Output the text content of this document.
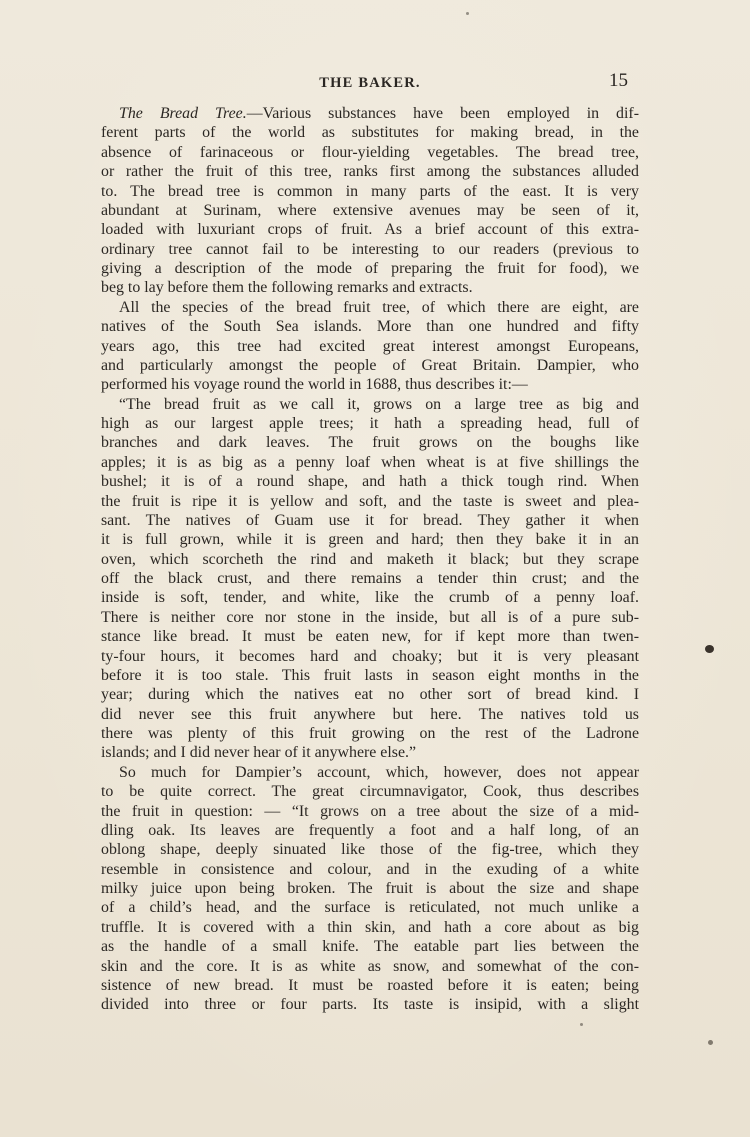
THE BAKER.	15
The Bread Tree.—Various substances have been employed in dif-
ferent parts of the world as substitutes for making bread, in the
absence of farinaceous or flour-yielding vegetables. The bread tree,
or rather the fruit of this tree, ranks first among the substances alluded
to. The bread tree is common in many parts of the east. It is very
abundant at Surinam, where extensive avenues may be seen of it,
loaded with luxuriant crops of fruit. As a brief account of this extra-
ordinary tree cannot fail to be interesting to our readers (previous to
giving a description of the mode of preparing the fruit for food), we
beg to lay before them the following remarks and extracts.
All the species of the bread fruit tree, of which there are eight, are
natives of the South Sea islands. More than one hundred and fifty
years ago, this tree had excited great interest amongst Europeans,
and particularly amongst the people of Great Britain. Dampier, who
performed his voyage round the world in 1688, thus describes it:—
“The bread fruit as we call it, grows on a large tree as big and
high as our largest apple trees; it hath a spreading head, full of
branches and dark leaves. The fruit grows on the boughs like
apples; it is as big as a penny loaf when wheat is at five shillings the
bushel; it is of a round shape, and hath a thick tough rind. When
the fruit is ripe it is yellow and soft, and the taste is sweet and plea-
sant. The natives of Guam use it for bread. They gather it when
it is full grown, while it is green and hard; then they bake it in an
oven, which scorcheth the rind and maketh it black; but they scrape
off the black crust, and there remains a tender thin crust; and the
inside is soft, tender, and white, like the crumb of a penny loaf.
There is neither core nor stone in the inside, but all is of a pure sub-
stance like bread. It must be eaten new, for if kept more than twen-
ty-four hours, it becomes hard and choaky; but it is very pleasant
before it is too stale. This fruit lasts in season eight months in the
year; during which the natives eat no other sort of bread kind. I
did never see this fruit anywhere but here. The natives told us
there was plenty of this fruit growing on the rest of the Ladrone
islands; and I did never hear of it anywhere else.”
So much for Dampier’s account, which, however, does not appear
to be quite correct. The great circumnavigator, Cook, thus describes
the fruit in question: — “It grows on a tree about the size of a mid-
dling oak. Its leaves are frequently a foot and a half long, of an
oblong shape, deeply sinuated like those of the fig-tree, which they
resemble in consistence and colour, and in the exuding of a white
milky juice upon being broken. The fruit is about the size and shape
of a child’s head, and the surface is reticulated, not much unlike a
truffle. It is covered with a thin skin, and hath a core about as big
as the handle of a small knife. The eatable part lies between the
skin and the core. It is as white as snow, and somewhat of the con-
sistence of new bread. It must be roasted before it is eaten; being
divided into three or four parts. Its taste is insipid, with a slight
